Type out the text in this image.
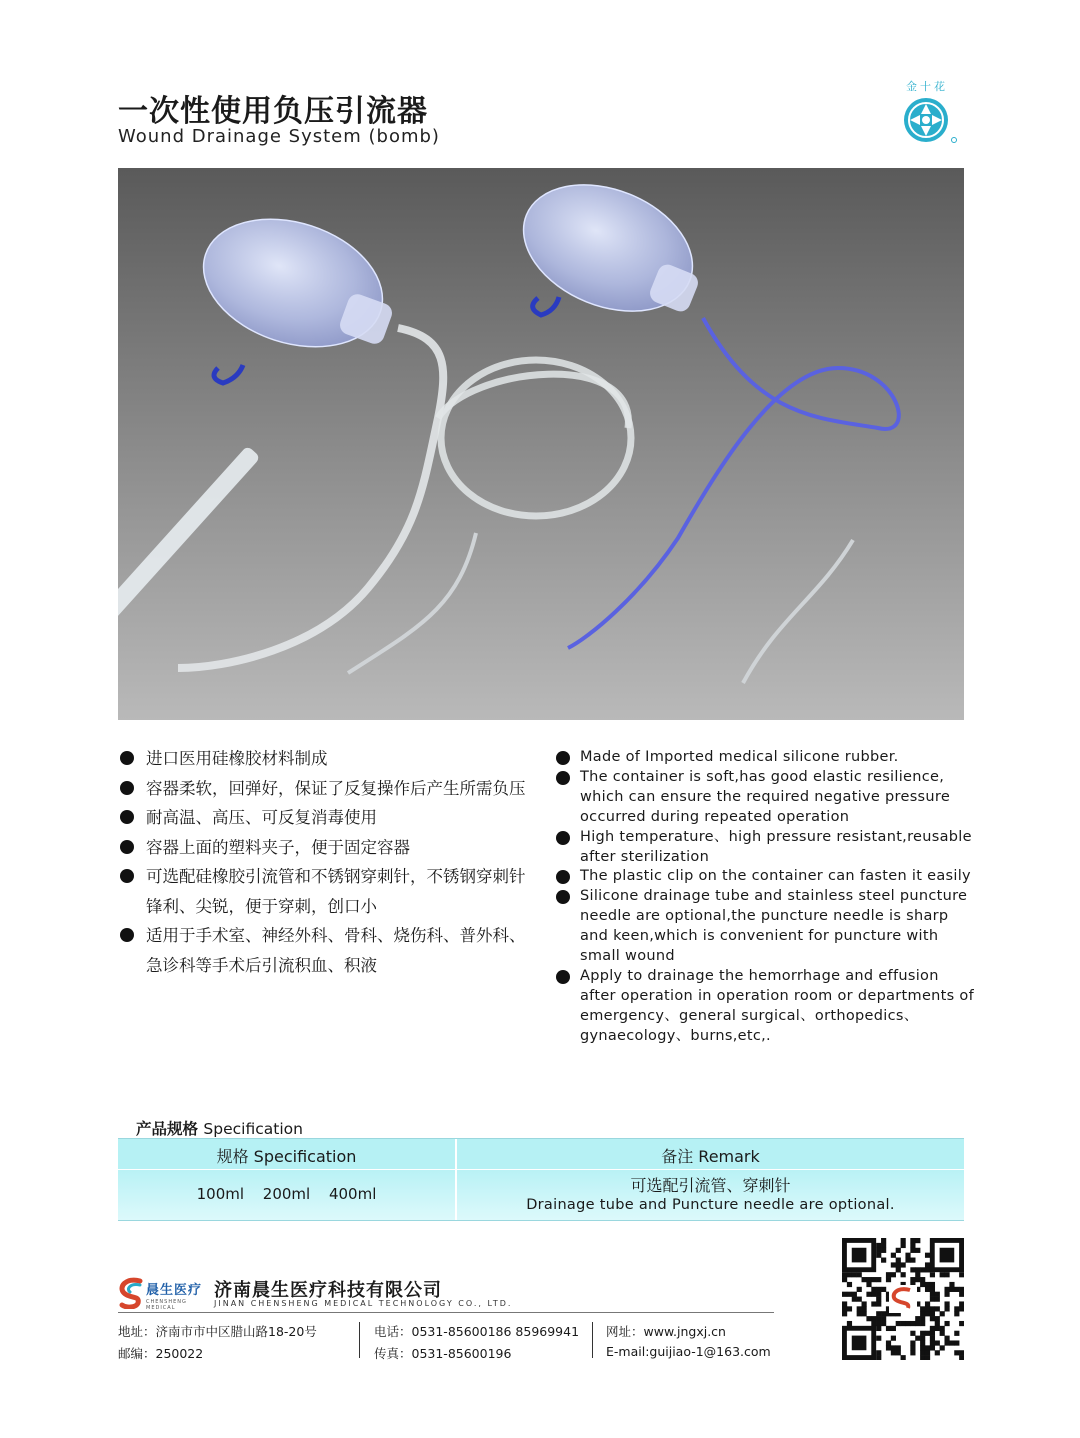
一次性使用负压引流器
Wound Drainage System (bomb)
金十花
进口医用硅橡胶材料制成
容器柔软，回弹好，保证了反复操作后产生所需负压
耐高温、高压、可反复消毒使用
容器上面的塑料夹子，便于固定容器
可选配硅橡胶引流管和不锈钢穿刺针，不锈钢穿刺针锋利、尖锐，便于穿刺，创口小
适用于手术室、神经外科、骨科、烧伤科、普外科、急诊科等手术后引流积血、积液
Made of Imported medical silicone rubber.
The container is soft,has good elastic resilience, which can ensure the required negative pressure occurred during repeated operation
High temperature、high pressure resistant,reusable after sterilization
The plastic clip on the container can fasten it easily
Silicone drainage tube and stainless steel puncture needle are optional,the puncture needle is sharp and keen,which is convenient for puncture with small wound
Apply to drainage the hemorrhage and effusion after operation in operation room or departments of emergency、general surgical、orthopedics、gynaecology、burns,etc,.
产品规格 Specification
规格 Specification	备注 Remark
100ml 200ml 400ml	可选配引流管、穿刺针
Drainage tube and Puncture needle are optional.
晨生医疗
CHENSHENG MEDICAL
济南晨生医疗科技有限公司
JINAN CHENSHENG MEDICAL TECHNOLOGY CO., LTD.
地址：济南市市中区腊山路18-20号
邮编：250022
电话：0531-85600186 85969941
传真：0531-85600196
网址：www.jngxj.cn
E-mail:guijiao-1@163.com
